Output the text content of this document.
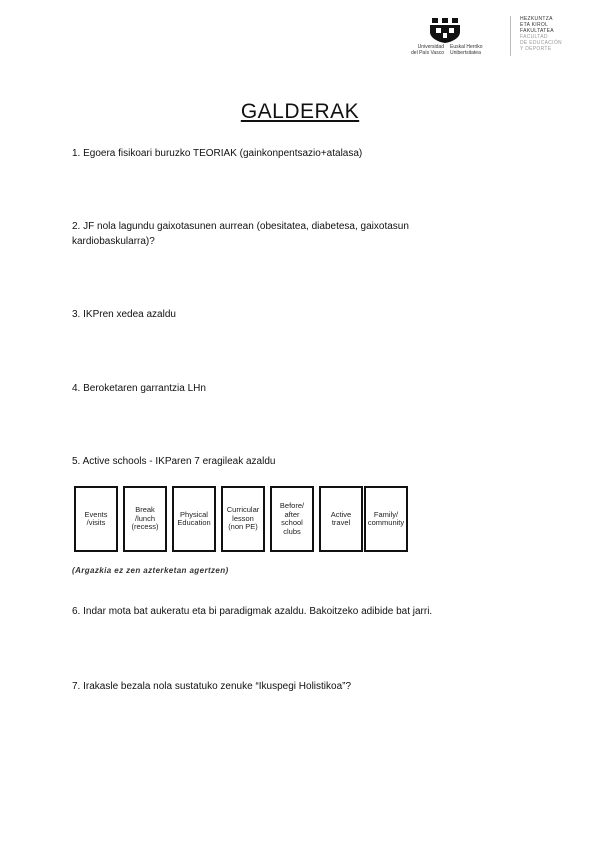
Universidad
del País Vasco
Euskal Herriko
Unibertsitatea
HEZKUNTZA
ETA KIROL
FAKULTATEA
FACULTAD
DE EDUCACIÓN
Y DEPORTE
GALDERAK
1. Egoera fisikoari buruzko TEORIAK (gainkonpentsazio+atalasa)
2. JF nola lagundu gaixotasunen aurrean (obesitatea, diabetesa, gaixotasun kardiobaskularra)?
3. IKPren xedea azaldu
4. Beroketaren garrantzia LHn
5. Active schools - IKParen 7 eragileak azaldu
Events /visits
Break /lunch (recess)
Physical Education
Curricular lesson (non PE)
Before/ after school clubs
Active travel
Family/ community
(Argazkia ez zen azterketan agertzen)
6. Indar mota bat aukeratu eta bi paradigmak azaldu. Bakoitzeko adibide bat jarri.
7. Irakasle bezala nola sustatuko zenuke “Ikuspegi Holistikoa”?
